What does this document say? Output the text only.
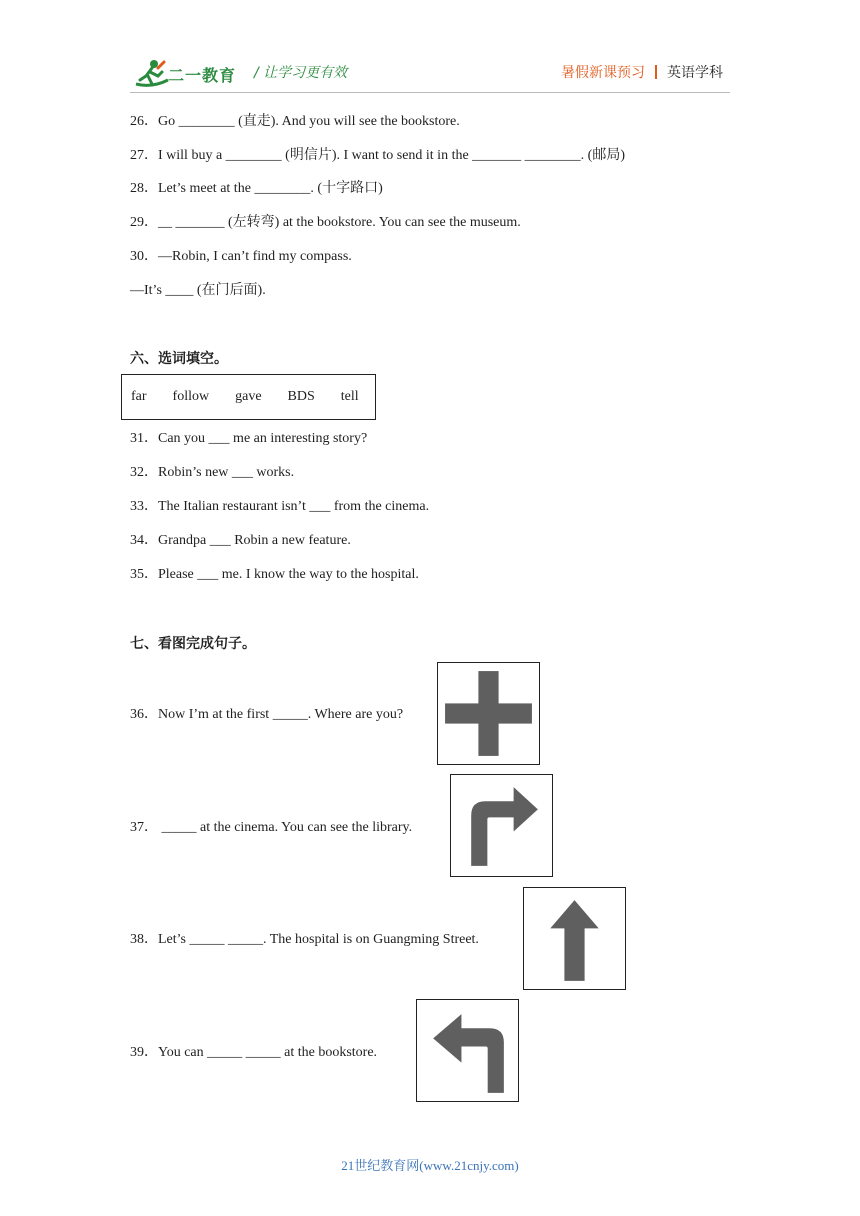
二一教育 / 让学习更有效	暑假新课预习 英语学科
26．Go ________ (直走). And you will see the bookstore.
27．I will buy a ________ (明信片). I want to send it in the _______ ________. (邮局)
28．Let’s meet at the ________. (十字路口)
29．__ _______ (左转弯) at the bookstore. You can see the museum.
30．—Robin, I can’t find my compass.
—It’s ____ (在门后面).
六、选词填空。
far follow gave BDS tell
31．Can you ___ me an interesting story?
32．Robin’s new ___ works.
33．The Italian restaurant isn’t ___ from the cinema.
34．Grandpa ___ Robin a new feature.
35．Please ___ me. I know the way to the hospital.
七、看图完成句子。
36．Now I’m at the first _____. Where are you?
37． _____ at the cinema. You can see the library.
38．Let’s _____ _____. The hospital is on Guangming Street.
39．You can _____ _____ at the bookstore.
21世纪教育网(www.21cnjy.com)
